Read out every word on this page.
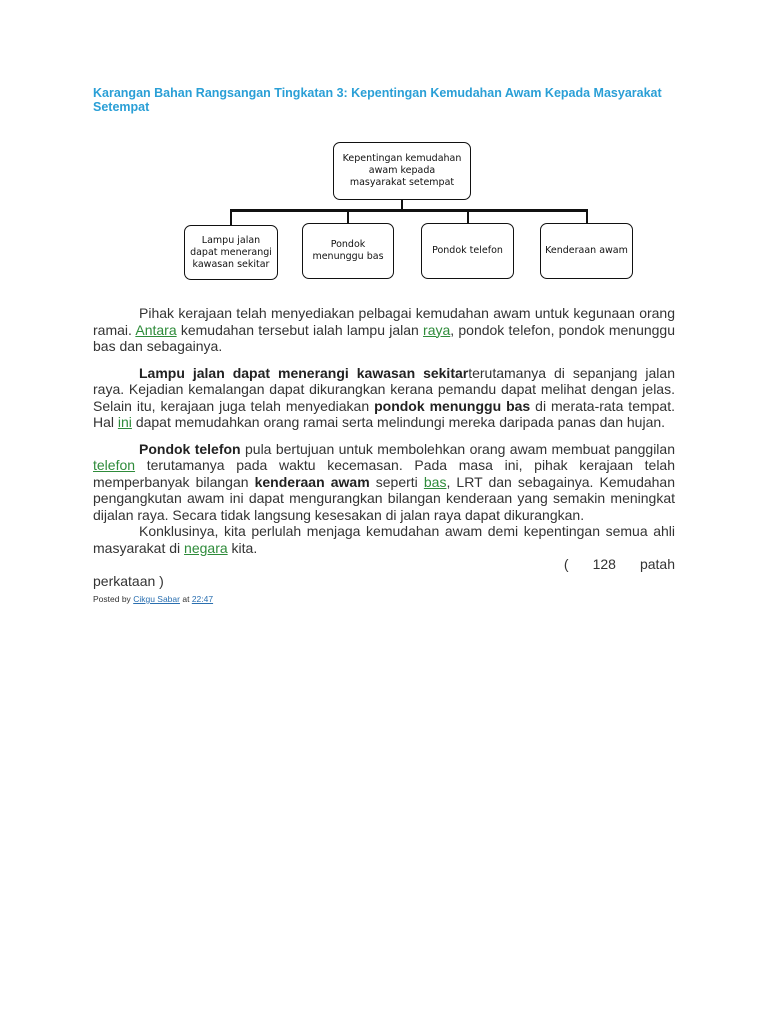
Karangan Bahan Rangsangan Tingkatan 3: Kepentingan Kemudahan Awam Kepada Masyarakat Setempat
Kepentingan kemudahan
awam kepada
masyarakat setempat
Lampu jalan
dapat menerangi
kawasan sekitar
Pondok
menunggu bas
Pondok telefon	Kenderaan awam

Pihak kerajaan telah menyediakan pelbagai kemudahan awam untuk kegunaan orang ramai. Antara kemudahan tersebut ialah lampu jalan raya, pondok telefon, pondok menunggu bas dan sebagainya.

Lampu jalan dapat menerangi kawasan sekitarterutamanya di sepanjang jalan raya. Kejadian kemalangan dapat dikurangkan kerana pemandu dapat melihat dengan jelas. Selain itu, kerajaan juga telah menyediakan pondok menunggu bas di merata-rata tempat. Hal ini dapat memudahkan orang ramai serta melindungi mereka daripada panas dan hujan.

Pondok telefon pula bertujuan untuk membolehkan orang awam membuat panggilan telefon terutamanya pada waktu kecemasan. Pada masa ini, pihak kerajaan telah memperbanyak bilangan kenderaan awam seperti bas, LRT dan sebagainya. Kemudahan pengangkutan awam ini dapat mengurangkan bilangan kenderaan yang semakin meningkat dijalan raya. Secara tidak langsung kesesakan di jalan raya dapat dikurangkan.

Konklusinya, kita perlulah menjaga kemudahan awam demi kepentingan semua ahli masyarakat di negara kita.

( 128 patah
perkataan )
Posted by Cikgu Sabar at 22:47
